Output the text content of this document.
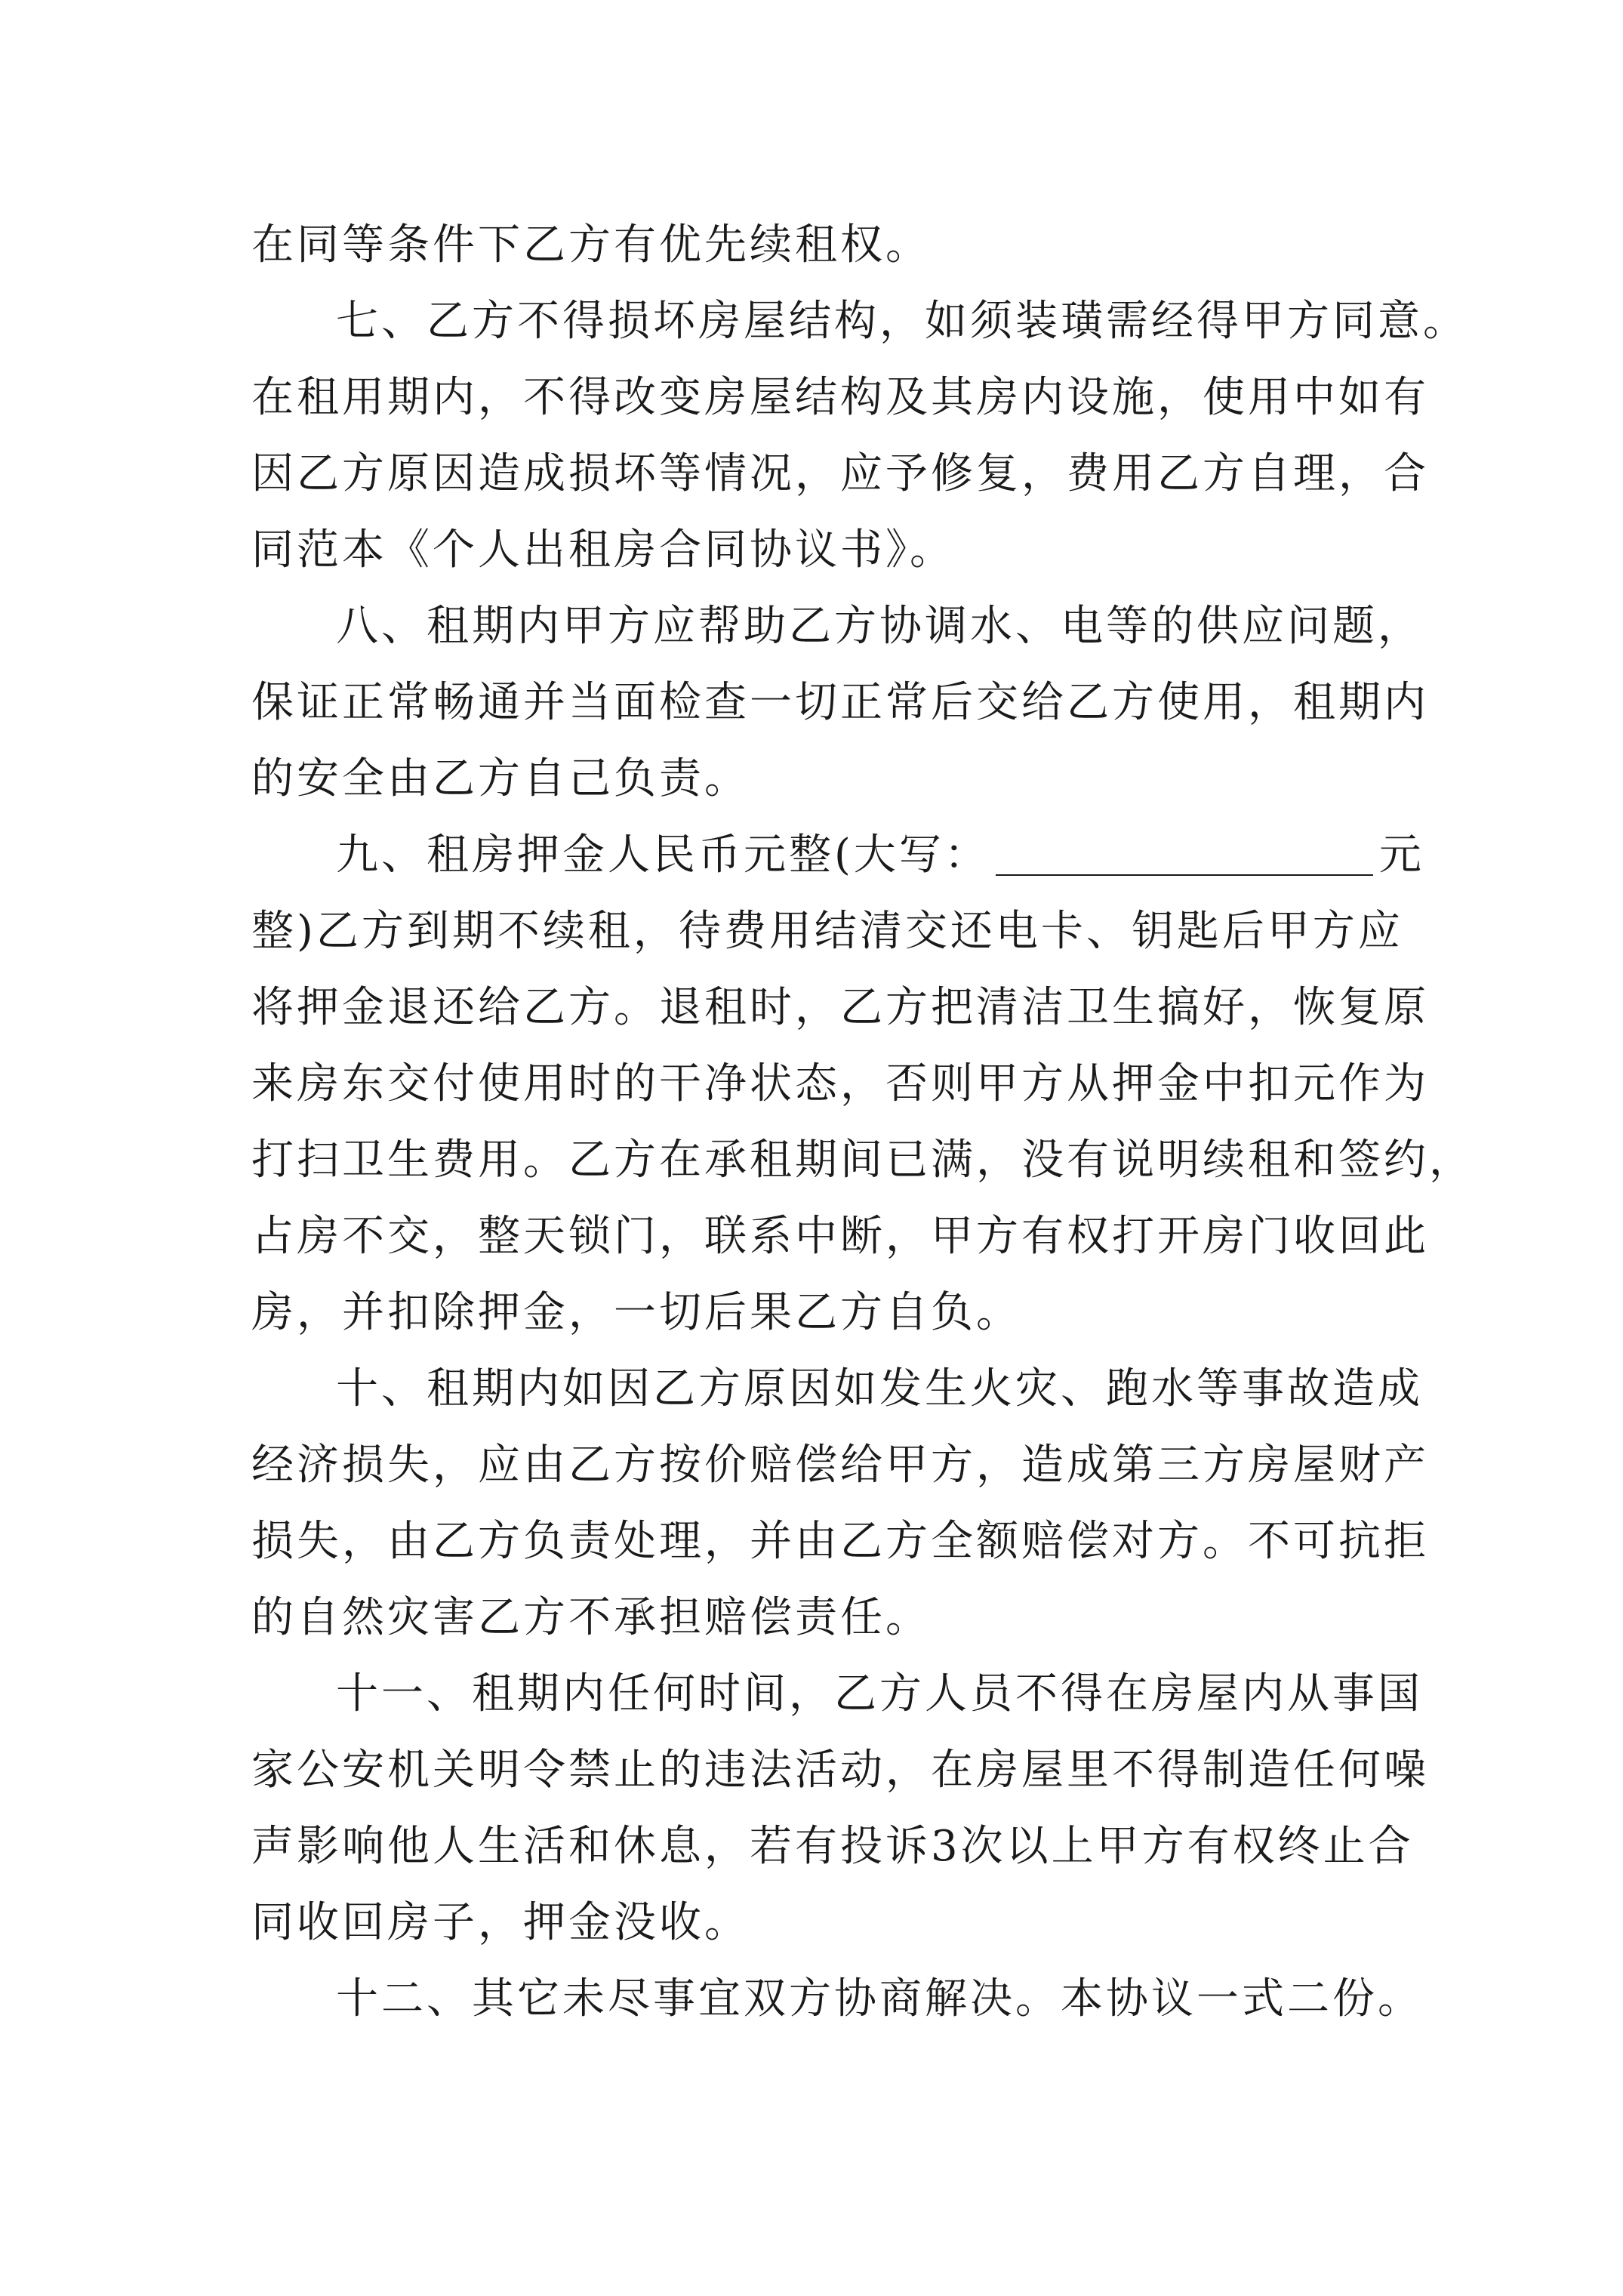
在同等条件下乙方有优先续租权。
七、乙方不得损坏房屋结构，如须装璜需经得甲方同意。
在租用期内，不得改变房屋结构及其房内设施，使用中如有
因乙方原因造成损坏等情况，应予修复，费用乙方自理，合
同范本《个人出租房合同协议书》。
八、租期内甲方应帮助乙方协调水、电等的供应问题，
保证正常畅通并当面检查一切正常后交给乙方使用，租期内
的安全由乙方自己负责。
九、租房押金人民币元整(大写：	元
整)乙方到期不续租，待费用结清交还电卡、钥匙后甲方应
将押金退还给乙方。退租时，乙方把清洁卫生搞好，恢复原
来房东交付使用时的干净状态，否则甲方从押金中扣元作为
打扫卫生费用。乙方在承租期间已满，没有说明续租和签约，
占房不交，整天锁门，联系中断，甲方有权打开房门收回此
房，并扣除押金，一切后果乙方自负。
十、租期内如因乙方原因如发生火灾、跑水等事故造成
经济损失，应由乙方按价赔偿给甲方，造成第三方房屋财产
损失，由乙方负责处理，并由乙方全额赔偿对方。不可抗拒
的自然灾害乙方不承担赔偿责任。
十一、租期内任何时间，乙方人员不得在房屋内从事国
家公安机关明令禁止的违法活动，在房屋里不得制造任何噪
声影响他人生活和休息，若有投诉3次以上甲方有权终止合
同收回房子，押金没收。
十二、其它未尽事宜双方协商解决。本协议一式二份。
